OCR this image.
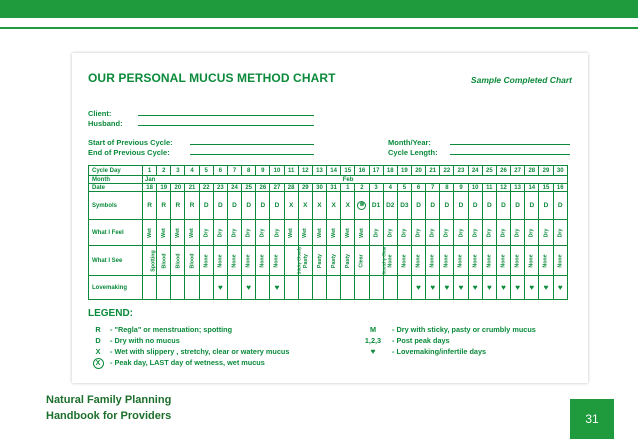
OUR PERSONAL MUCUS METHOD CHART	Sample Completed Chart
Client:
Husband:
Start of Previous Cycle:
End of Previous Cycle:
Month/Year:
Cycle Length:
Cycle Day	1	2	3	4	5	6	7	8	9	10	11	12	13	14	15	16	17	18	19	20	21	22	23	24	25	26	27	28	29	30
Month	Jan														Feb															
Date	18	19	20	21	22	23	24	25	26	27	28	29	30	31	1	2	3	4	5	6	7	8	9	10	11	12	13	14	15	16
Symbols	R	R	R	R	D	D	D	D	D	D	X	X	X	X	X	⊗	D1	D2	D3	D	D	D	D	D	D	D	D	D	D	D
What I Feel	Wet	Wet	Wet	Wet	Dry	Dry	Dry	Dry	Dry	Dry	Wet	Wet	Wet	Wet	Wet	Wet	Dry	Dry	Dry	Dry	Dry	Dry	Dry	Dry	Dry	Dry	Dry	Dry	Dry	Dry
What I See	Spotting	Blood	Blood	Blood	None	None	None	None	None	None	Sticky Cloudy	Pasty	Pasty	Pasty	Pasty	Clear	Stretchy Clear	None	None	None	None	None	None	None	None	None	None	None	None	None
Lovemaking						♥		♥		♥										♥	♥	♥	♥	♥	♥	♥	♥	♥	♥	♥
LEGEND:
R - "Regla" or menstruation; spotting
D - Dry with no mucus
X - Wet with slippery , stretchy, clear or watery mucus
X - Peak day, LAST day of wetness, wet mucus
M - Dry with sticky, pasty or crumbly mucus
1,2,3 - Post peak days
♥ - Lovemaking/infertile days
Natural Family Planning
Handbook for Providers	31
